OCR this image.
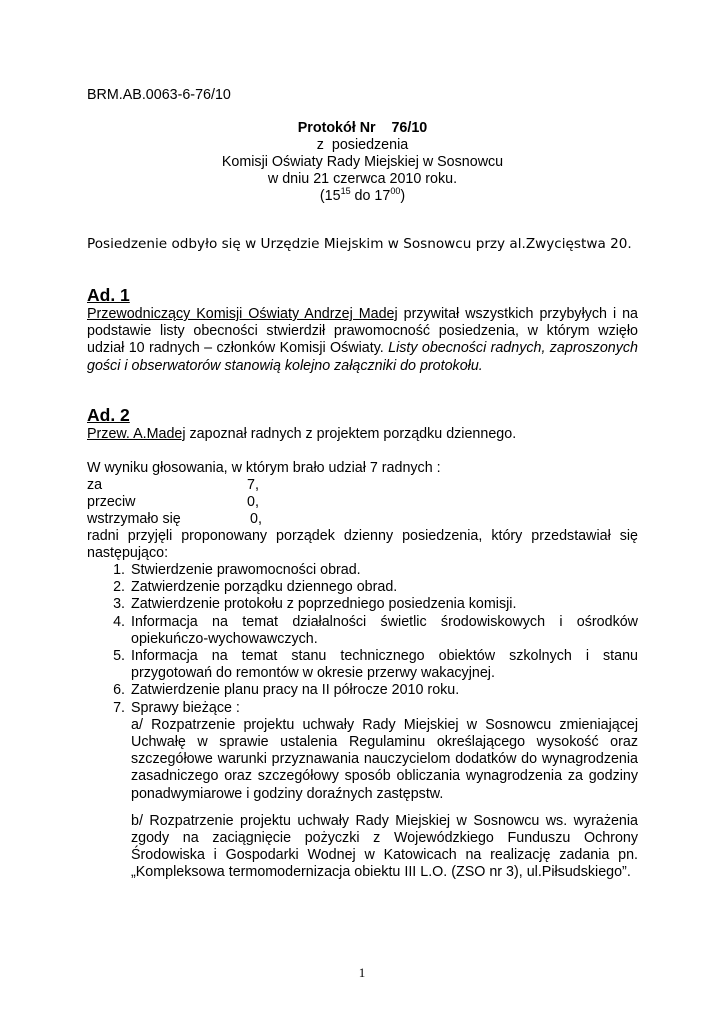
BRM.AB.0063-6-76/10
Protokół Nr    76/10
z  posiedzenia
Komisji Oświaty Rady Miejskiej w Sosnowcu
w dniu 21 czerwca 2010 roku.
($15^{15}$ do $17^{00}$)
Posiedzenie odbyło się w Urzędzie Miejskim w Sosnowcu przy al.Zwycięstwa 20.
Ad. 1
Przewodniczący Komisji Oświaty Andrzej Madej przywitał wszystkich przybyłych i na podstawie listy obecności stwierdził prawomocność posiedzenia, w którym wzięło udział 10 radnych – członków Komisji Oświaty. Listy obecności radnych, zaproszonych gości i obserwatorów stanowią kolejno załączniki do protokołu.
Ad. 2
Przew. A.Madej zapoznał radnych z projektem porządku dziennego.
W wyniku głosowania, w którym brało udział 7 radnych :
za	7,
przeciw	0,
wstrzymało się	0,
radni przyjęli proponowany porządek dzienny posiedzenia, który przedstawiał się następująco:
1. Stwierdzenie prawomocności obrad.
2. Zatwierdzenie porządku dziennego obrad.
3. Zatwierdzenie protokołu z poprzedniego posiedzenia komisji.
4. Informacja na temat działalności świetlic środowiskowych i ośrodków opiekuńczo-wychowawczych.
5. Informacja na temat stanu technicznego obiektów szkolnych i stanu przygotowań do remontów w okresie przerwy wakacyjnej.
6. Zatwierdzenie planu pracy na II półrocze 2010 roku.
7. Sprawy bieżące :
a/ Rozpatrzenie projektu uchwały Rady Miejskiej w Sosnowcu zmieniającej Uchwałę w sprawie ustalenia Regulaminu określającego wysokość oraz szczegółowe warunki przyznawania nauczycielom dodatków do wynagrodzenia zasadniczego oraz szczegółowy sposób obliczania wynagrodzenia za godziny ponadwymiarowe i godziny doraźnych zastępstw.
b/ Rozpatrzenie projektu uchwały Rady Miejskiej w Sosnowcu ws. wyrażenia zgody na zaciągnięcie pożyczki z Wojewódzkiego Funduszu Ochrony Środowiska i Gospodarki Wodnej w Katowicach na realizację zadania pn. „Kompleksowa termomodernizacja obiektu III L.O. (ZSO nr 3), ul.Piłsudskiego”.
1
